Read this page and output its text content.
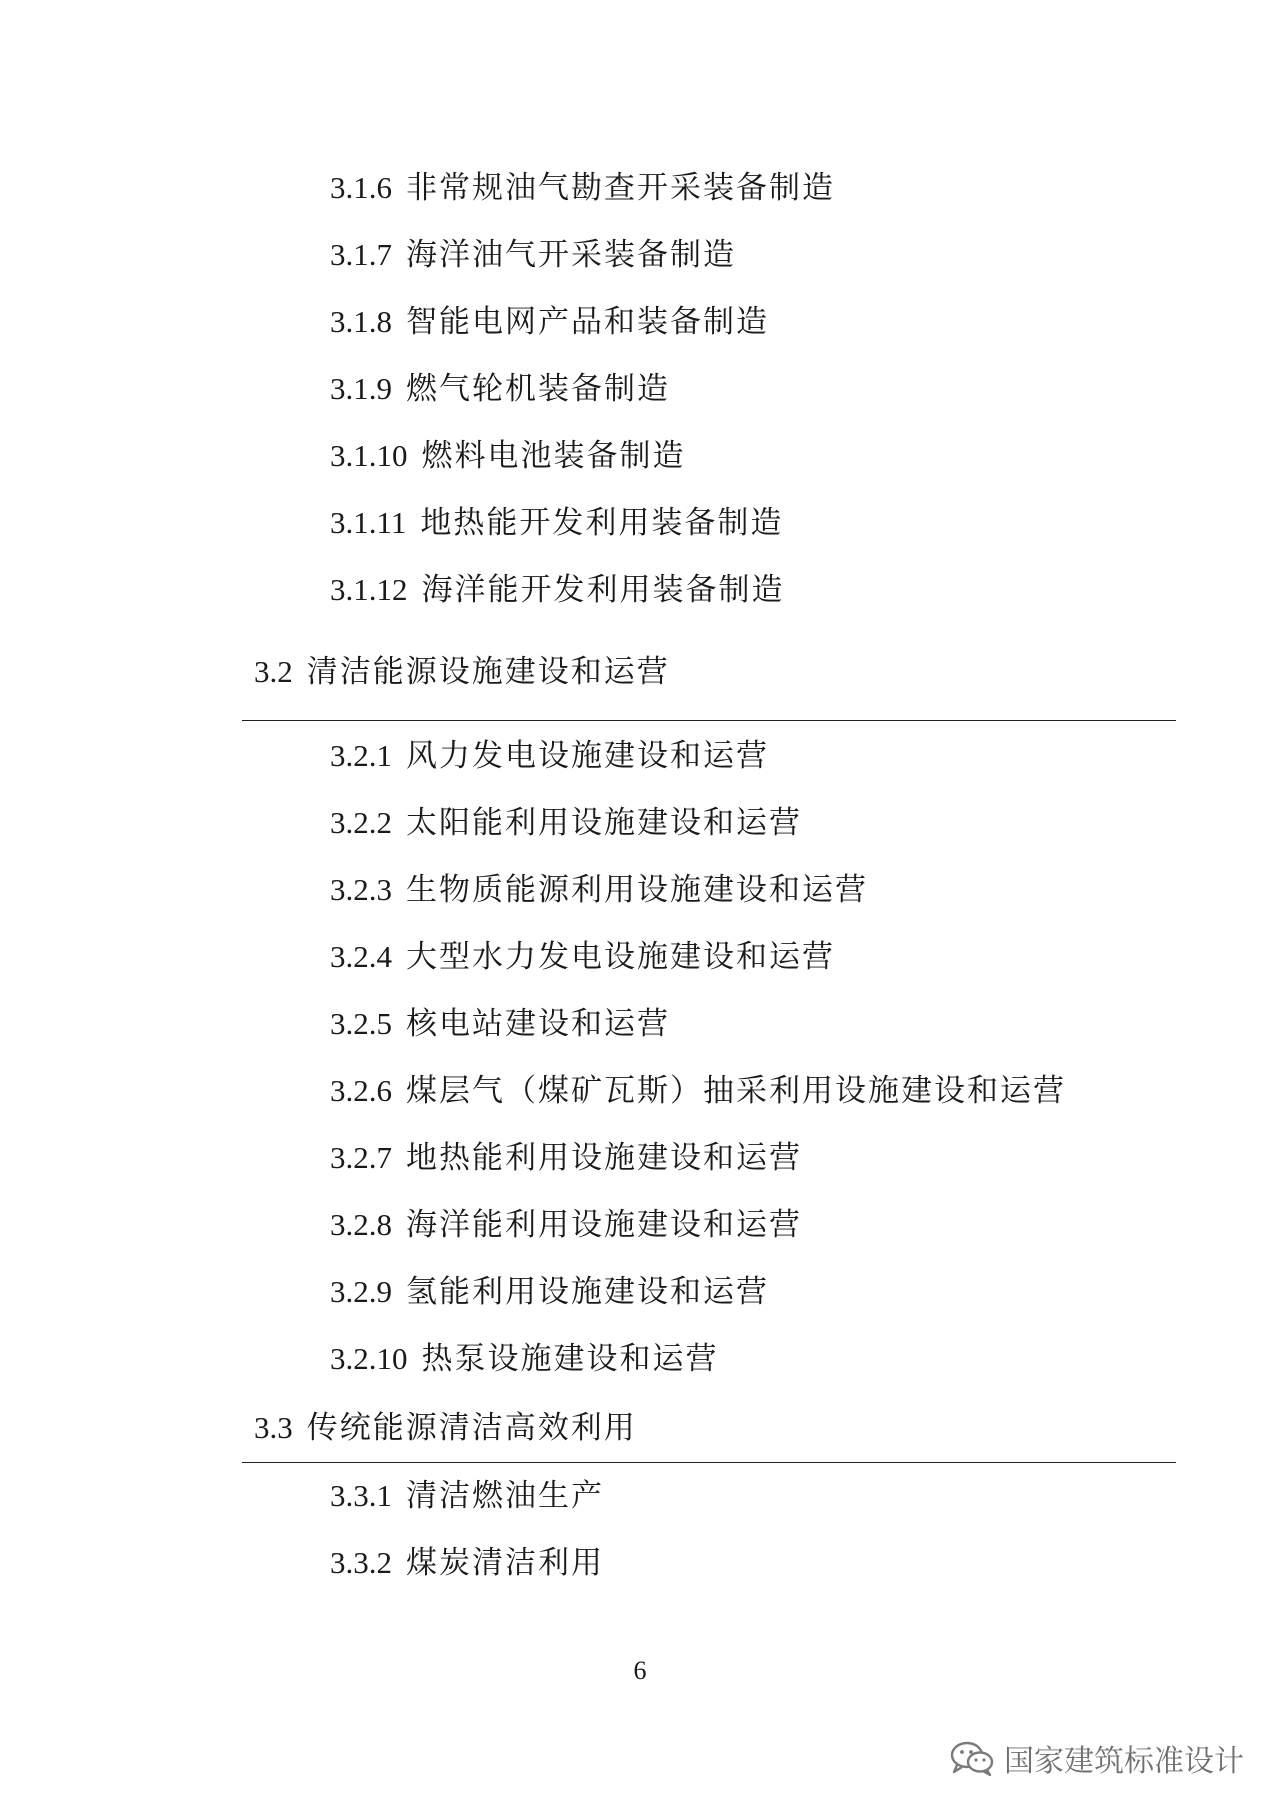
3.1.6 非常规油气勘查开采装备制造
3.1.7 海洋油气开采装备制造
3.1.8 智能电网产品和装备制造
3.1.9 燃气轮机装备制造
3.1.10 燃料电池装备制造
3.1.11 地热能开发利用装备制造
3.1.12 海洋能开发利用装备制造
3.2 清洁能源设施建设和运营
3.2.1 风力发电设施建设和运营
3.2.2 太阳能利用设施建设和运营
3.2.3 生物质能源利用设施建设和运营
3.2.4 大型水力发电设施建设和运营
3.2.5 核电站建设和运营
3.2.6 煤层气（煤矿瓦斯）抽采利用设施建设和运营
3.2.7 地热能利用设施建设和运营
3.2.8 海洋能利用设施建设和运营
3.2.9 氢能利用设施建设和运营
3.2.10 热泵设施建设和运营
3.3 传统能源清洁高效利用
3.3.1 清洁燃油生产
3.3.2 煤炭清洁利用
6
国家建筑标准设计
